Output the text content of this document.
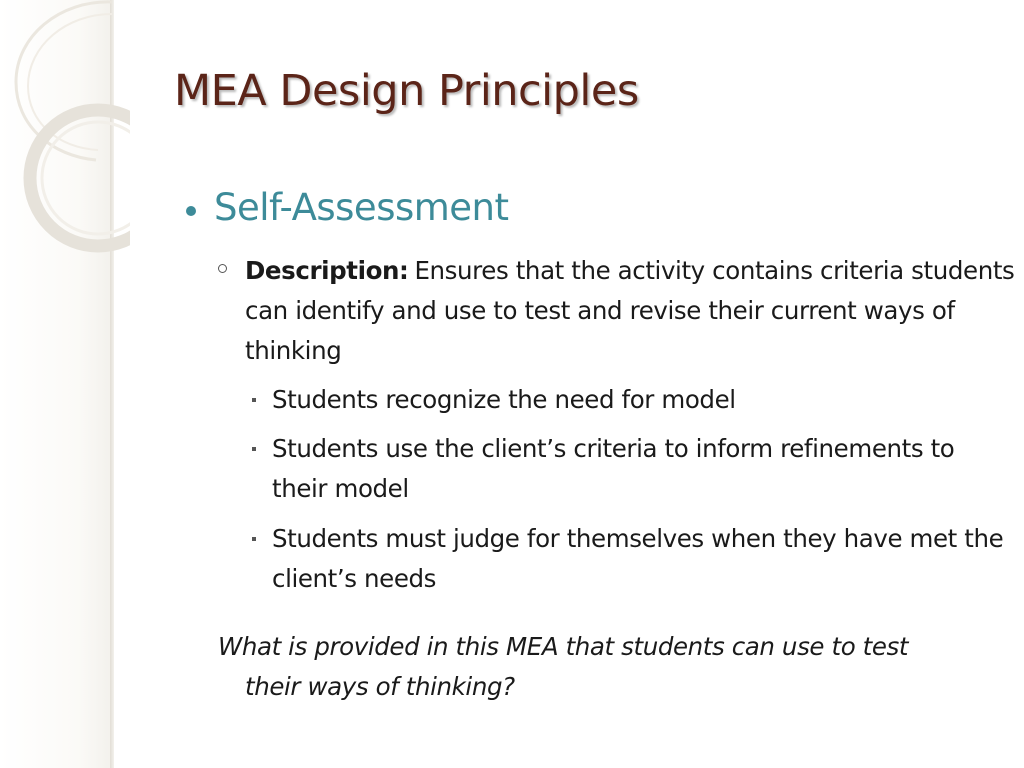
MEA Design Principles
Self-Assessment
Description: Ensures that the activity contains criteria students can identify and use to test and revise their current ways of thinking
Students recognize the need for model
Students use the client’s criteria to inform refinements to their model
Students must judge for themselves when they have met the client’s needs
What is provided in this MEA that students can use to test
their ways of thinking?
